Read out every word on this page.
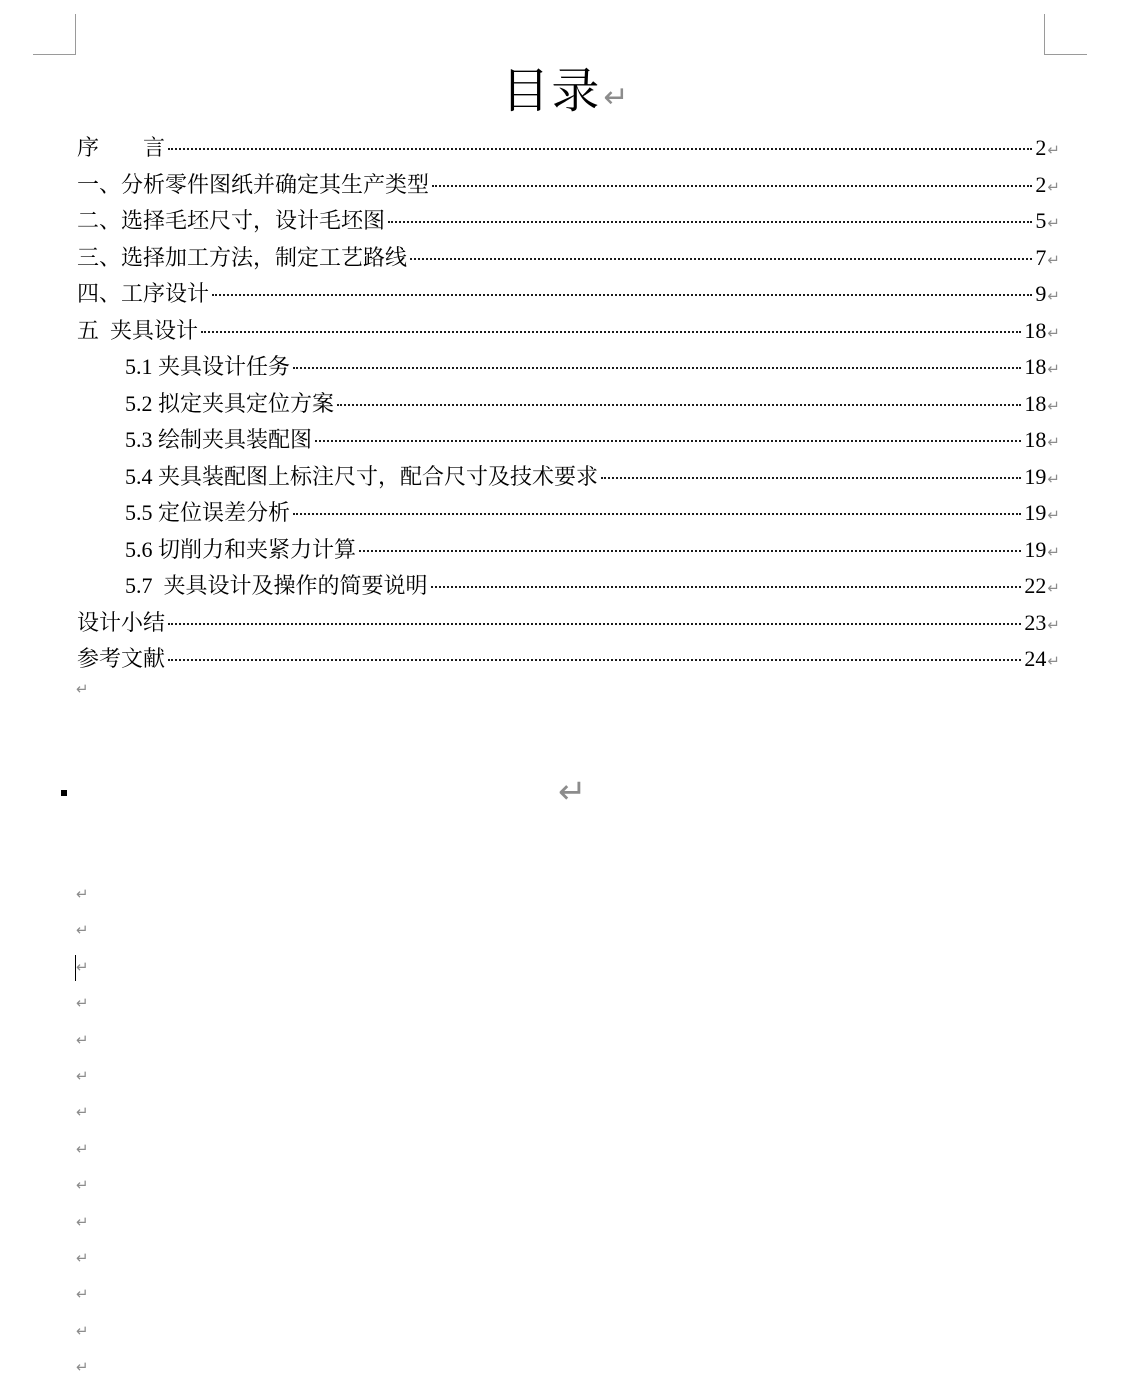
目录↵
序　　言	2 ↵
一、分析零件图纸并确定其生产类型	2 ↵
二、选择毛坯尺寸，设计毛坯图	5 ↵
三、选择加工方法，制定工艺路线	7 ↵
四、工序设计	9 ↵
五  夹具设计	18 ↵
5.1 夹具设计任务	18 ↵
5.2 拟定夹具定位方案	18 ↵
5.3 绘制夹具装配图	18 ↵
5.4 夹具装配图上标注尺寸，配合尺寸及技术要求	19 ↵
5.5 定位误差分析	19 ↵
5.6 切削力和夹紧力计算	19 ↵
5.7  夹具设计及操作的简要说明	22 ↵
设计小结	23 ↵
参考文献	24 ↵
↵
↵
↵
↵
↵
↵
↵
↵
↵
↵
↵
↵
↵
↵
↵
↵
